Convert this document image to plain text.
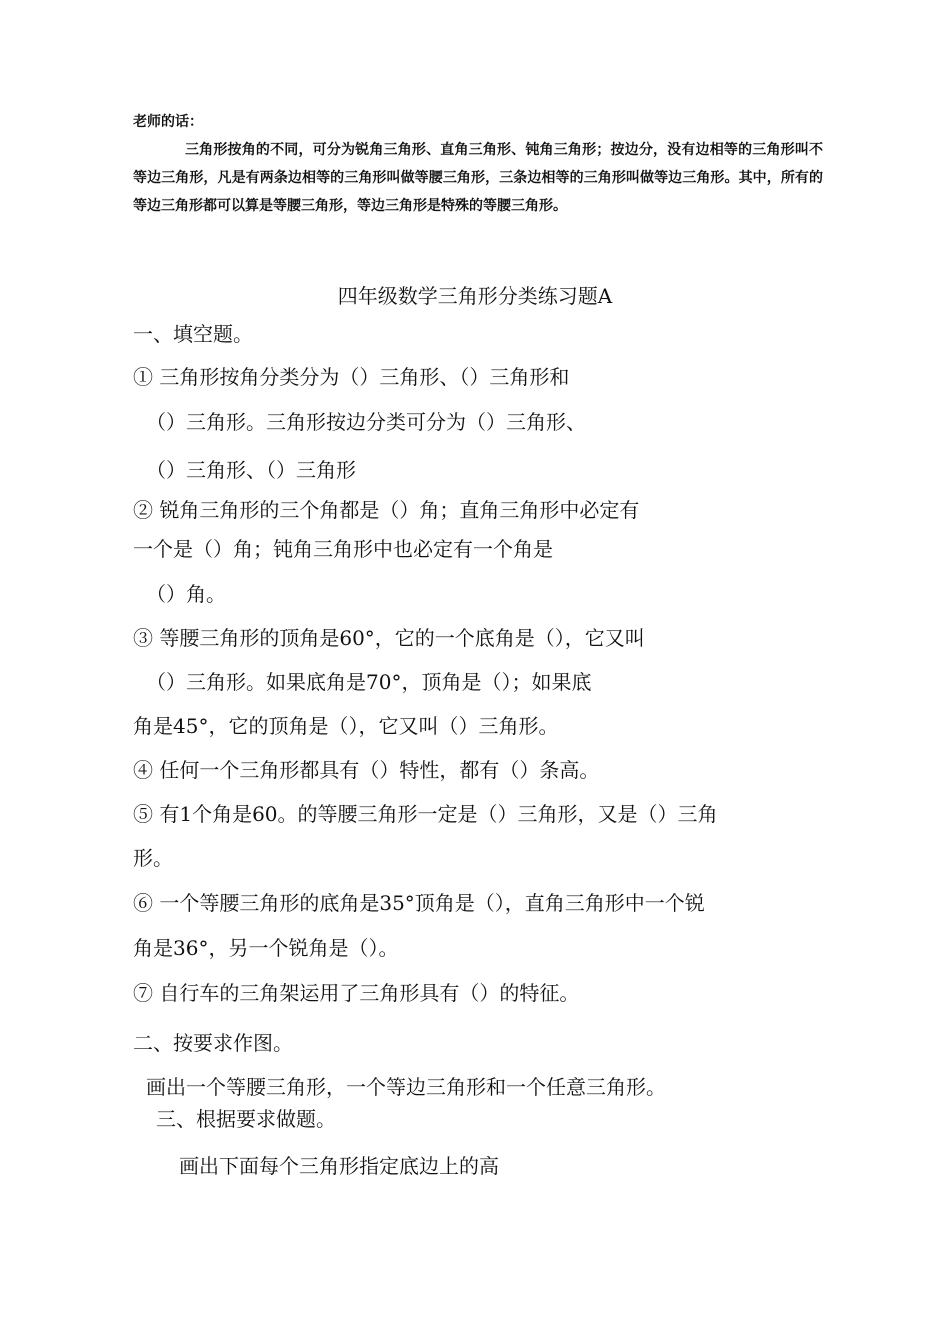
老师的话：
三角形按角的不同，可分为锐角三角形、直角三角形、钝角三角形；按边分，没有边相等的三角形叫不等边三角形，凡是有两条边相等的三角形叫做等腰三角形，三条边相等的三角形叫做等边三角形。其中，所有的等边三角形都可以算是等腰三角形，等边三角形是特殊的等腰三角形。
四年级数学三角形分类练习题A
一、填空题。
① 三角形按角分类分为（）三角形、（）三角形和
（）三角形。三角形按边分类可分为（）三角形、
（）三角形、（）三角形
② 锐角三角形的三个角都是（）角；直角三角形中必定有
一个是（）角；钝角三角形中也必定有一个角是
（）角。
③ 等腰三角形的顶角是60°，它的一个底角是（），它又叫
（）三角形。如果底角是70°，顶角是（）；如果底
角是45°，它的顶角是（），它又叫（）三角形。
④ 任何一个三角形都具有（）特性，都有（）条高。
⑤ 有1个角是60。的等腰三角形一定是（）三角形，又是（）三角
形。
⑥ 一个等腰三角形的底角是35°顶角是（），直角三角形中一个锐
角是36°，另一个锐角是（）。
⑦ 自行车的三角架运用了三角形具有（）的特征。
二、按要求作图。
画出一个等腰三角形，一个等边三角形和一个任意三角形。
三、根据要求做题。
画出下面每个三角形指定底边上的高
